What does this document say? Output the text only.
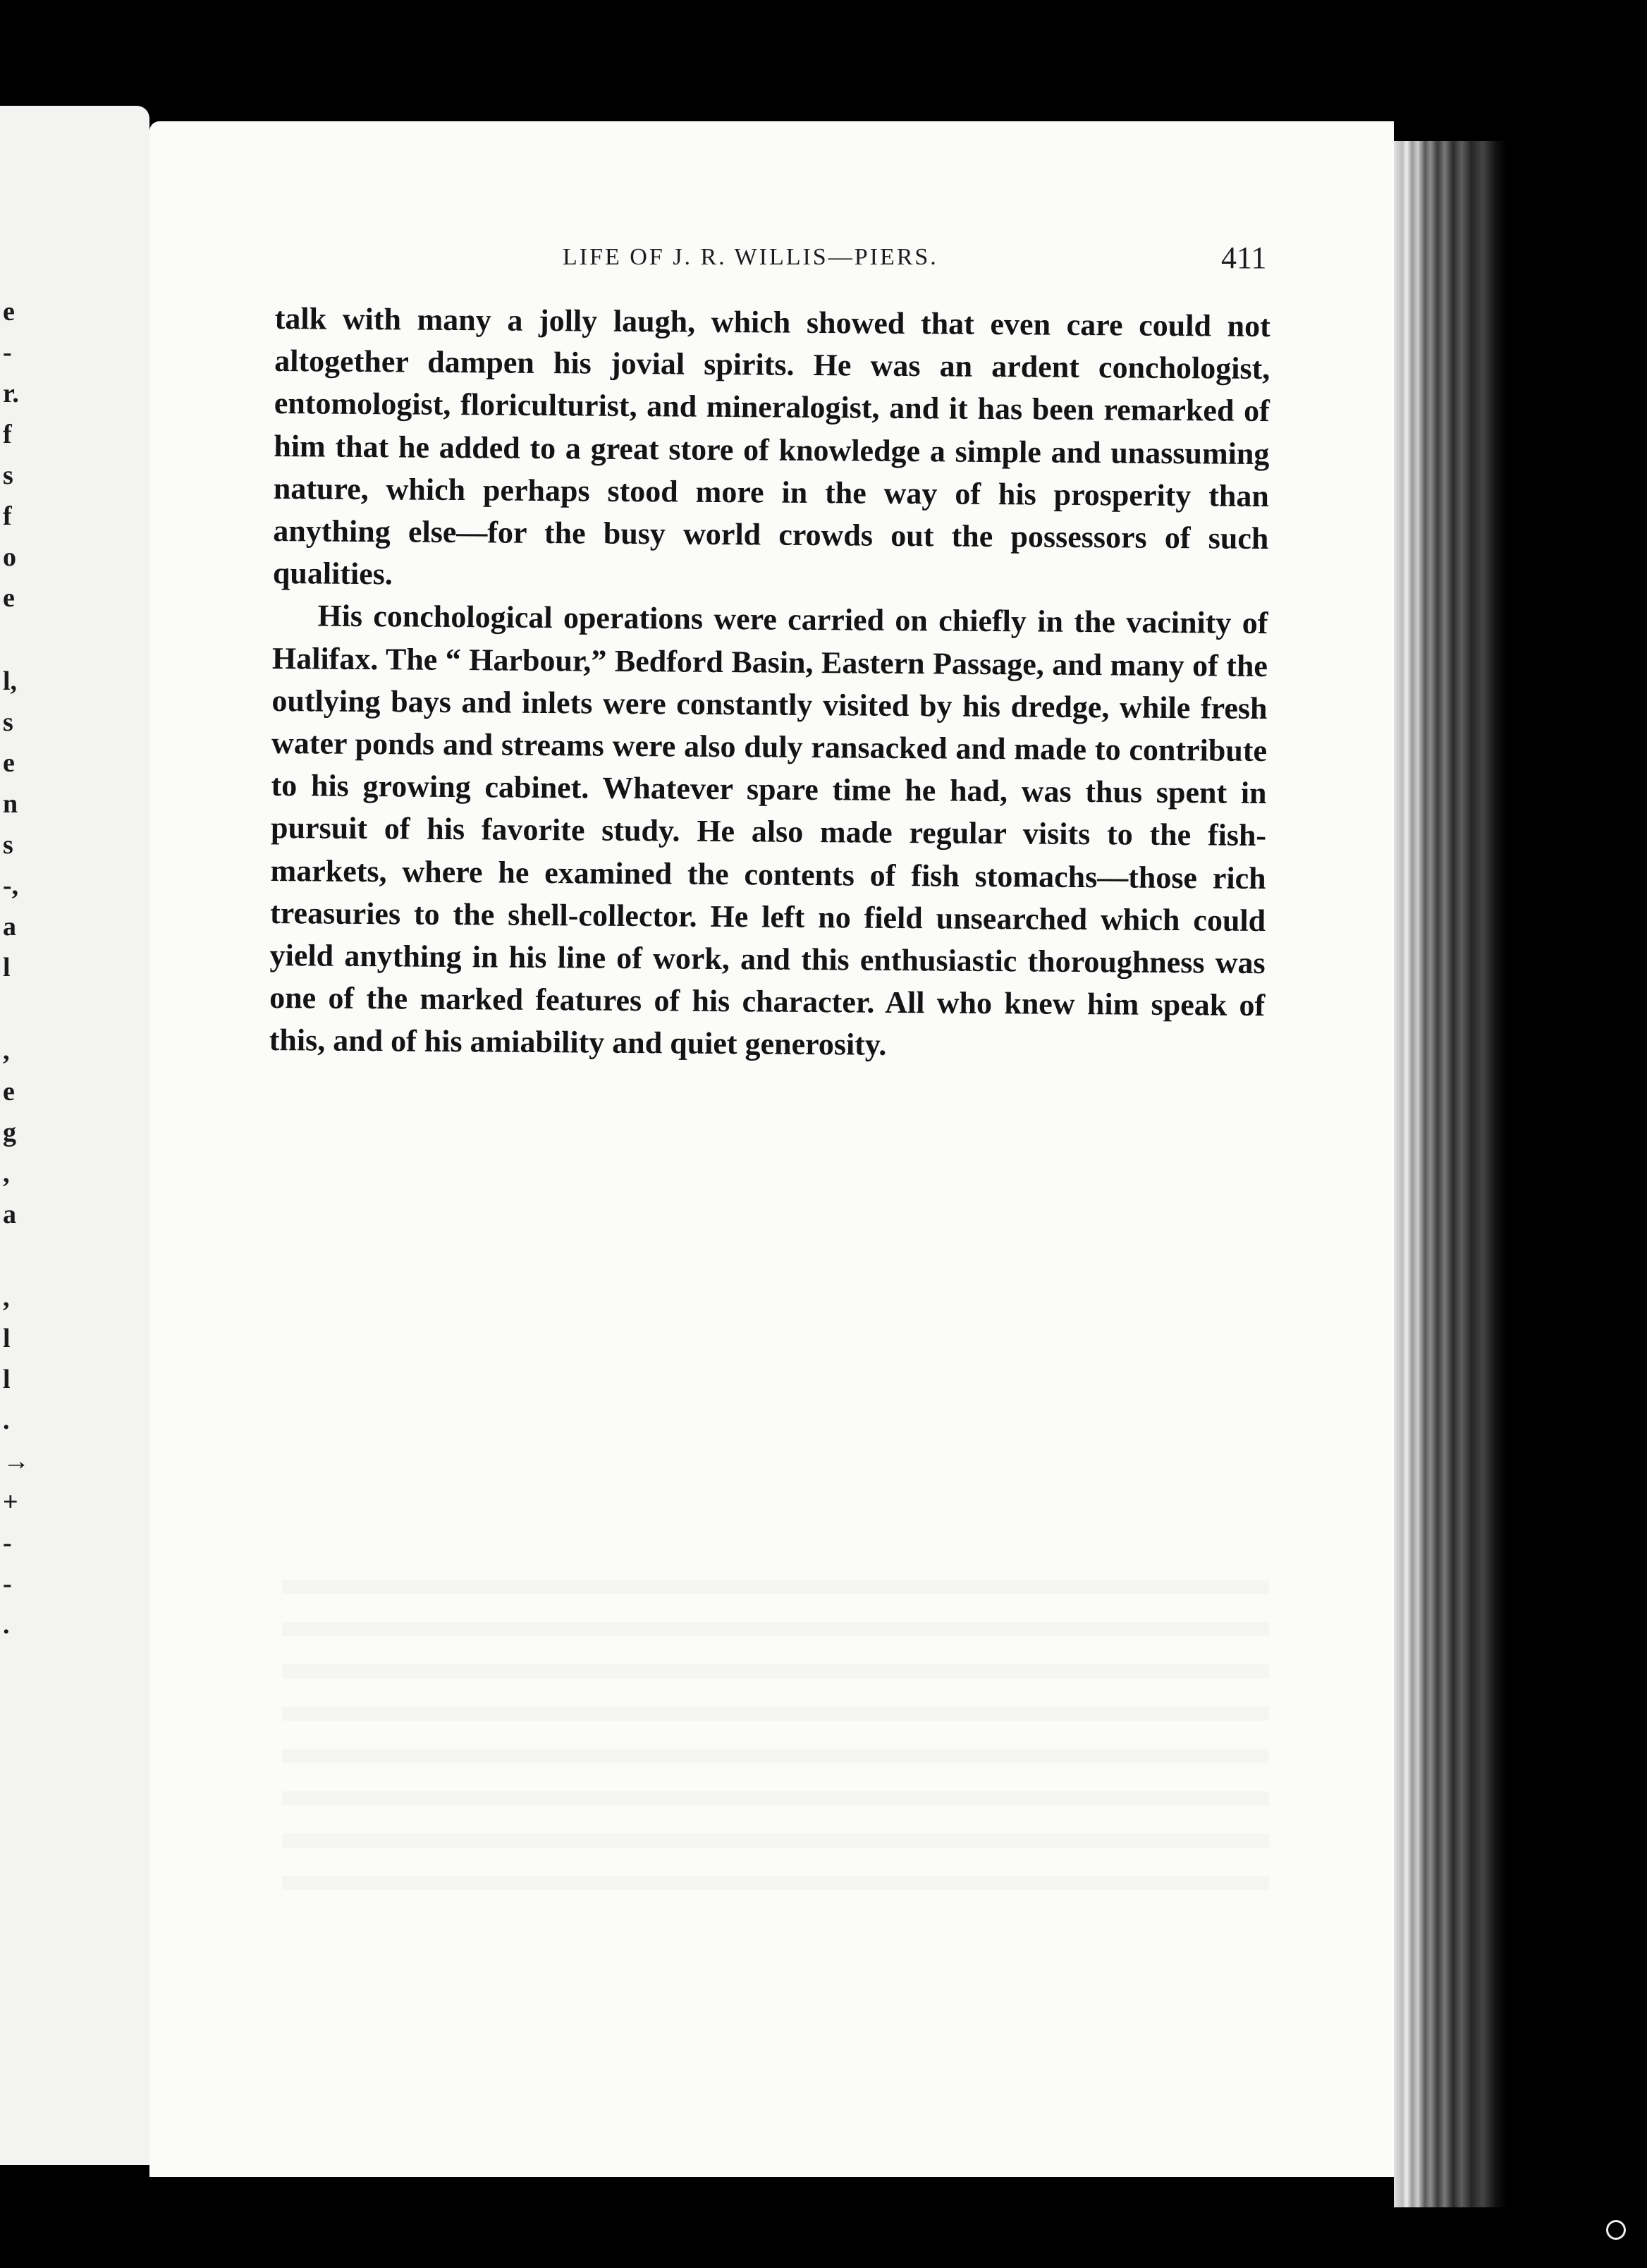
e
-
r.
f
s
f
o
e
l,
s
e
n
s
-,
a
l
,
e
g
,
a
,
l
l
.
→
+
-
-
.
LIFE OF J. R. WILLIS—PIERS.	411

talk with many a jolly laugh, which showed that even care could not altogether dampen his jovial spirits. He was an ardent conchologist, entomologist, floriculturist, and mineralogist, and it has been remarked of him that he added to a great store of knowledge a simple and unassuming nature, which perhaps stood more in the way of his prosperity than anything else—for the busy world crowds out the possessors of such qualities.

His conchological operations were carried on chiefly in the vacinity of Halifax. The “ Harbour,” Bedford Basin, Eastern Passage, and many of the outlying bays and inlets were constantly visited by his dredge, while fresh water ponds and streams were also duly ransacked and made to contribute to his growing cabinet. Whatever spare time he had, was thus spent in pursuit of his favorite study. He also made regular visits to the fish-markets, where he examined the contents of fish stomachs—those rich treasuries to the shell-collector. He left no field unsearched which could yield anything in his line of work, and this enthusiastic thoroughness was one of the marked features of his character. All who knew him speak of this, and of his amiability and quiet generosity.
